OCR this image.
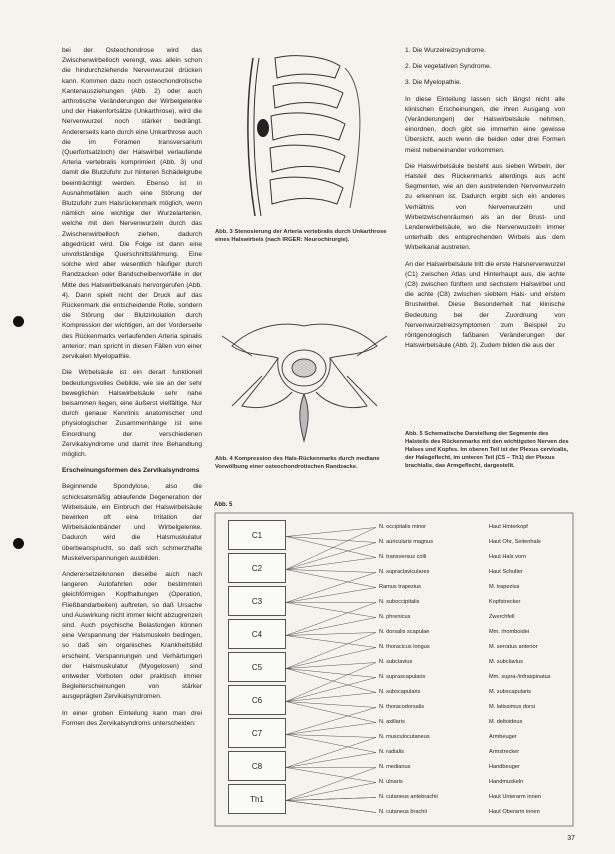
bei der Osteochondrose wird das Zwischenwirbelloch verengt, was allein schon die hindurchziehende Nervenwurzel drücken kann. Kommen dazu noch osteochondrotische Kantenausziehungen (Abb. 2) oder auch arthrotische Veränderungen der Wirbelgelenke und der Hakenfortsätze (Unkarthrose), wird die Nervenwurzel noch stärker bedrängt. Andererseits kann durch eine Unkarthrose auch die im Foramen transversarium (Querfortsatzloch) der Halswirbel verlaufende Arteria vertebralis komprimiert (Abb. 3) und damit die Blutzufuhr zur hinteren Schädelgrube beeinträchtigt werden. Ebenso ist in Ausnahmefällen auch eine Störung der Blutzufuhr zum Halsrückenmark möglich, wenn nämlich eine wichtige der Wurzelarterien, welche mit den Nervenwurzeln durch das Zwischenwirbelloch ziehen, dadurch abgedrückt wird. Die Folge ist dann eine unvollständige Querschnittslähmung. Eine solche wird aber wesentlich häufiger durch Randzacken oder Bandscheibenvorfälle in der Mitte des Halswirbelkanals hervorgerufen (Abb. 4). Dann spielt nicht der Druck auf das Rückenmark die entscheidende Rolle, sondern die Störung der Blutzirkulation durch Kompression der wichtigen, an der Vorderseite des Rückenmarks verlaufenden Arteria spinalis anterior; man spricht in diesen Fällen von einer zervikalen Myelopathie.

Die Wirbelsäule ist ein derart funktionell bedeutungsvolles Gebilde, wie sie an der sehr beweglichen Halswirbelsäule sehr nahe beisammen liegen, eine äußerst vielfältige. Nur durch genaue Kenntnis anatomischer und physiologischer Zusammenhänge ist eine Einordnung der verschiedenen Zervikalsyndrome und damit ihre Behandlung möglich.

Erscheinungsformen des Zervikalsyndroms

Beginnende Spondylose, also die schicksalsmäßig ablaufende Degeneration der Wirbelsäule, ein Einbruch der Halswirbelsäule bewirken oft eine Irritation der Wirbelsäulenbänder und Wirbelgelenke. Dadurch wird die Halsmuskulatur überbeansprucht, so daß sich schmerzhafte Muskelverspannungen ausbilden.

Anderersetzeiknonen dieselbe auch nach langeren Autofahrten oder bestimmten gleichförmigen Kopfhaltungen (Operation, Fließbandarbeiten) auftreten, so daß Ursache und Auswirkung nicht immer leicht abzugrenzen sind. Auch psychische Belastungen können eine Verspannung der Halsmuskeln bedingen, so daß ein organisches Krankheitsbild erscheint. Verspannungen und Verhärtungen der Halsmuskulatur (Myogelosen) sind entweder Vorboten oder praktisch immer Begleiterscheinungen von stärker ausgeprägten Zervikalsyndromen.

In einer groben Einteilung kann man drei Formen des Zervikalsyndroms unterscheiden:

Abb. 3 Stenosierung der Arteria vertebralis durch Unkarthrose eines Halswirbels (nach IRGER: Neurochirurgie).
Abb. 4 Kompression des Hals-Rückenmarks durch mediane Vorwölbung einer osteochondrotischen Randzacke.

1. Die Wurzelreizsyndrome.

2. Die vegetativen Syndrome.

3. Die Myelopathie.

In diese Einteilung lassen sich längst nicht alle klinischen Erscheinungen, die ihren Ausgang von (Veränderungen) der Halswirbelsäule nehmen, einordnen, doch gibt sie immerhin eine gewisse Übersicht, auch wenn die beiden oder drei Formen meist nebeneinander vorkommen.

Die Halswirbelsäule besteht aus sieben Wirbeln, der Halsteil des Rückenmarks allerdings aus acht Segmenten, wie an den austretenden Nervenwurzeln zu erkennen ist. Dadurch ergibt sich ein anderes Verhältnis von Nervenwurzeln und Wirbelzwischenräumen als an der Brust- und Lendenwirbelsäule, wo die Nervenwurzeln immer unterhalb des entsprechenden Wirbels aus dem Wirbelkanal austreten.

An der Halswirbelsäule tritt die erste Halsnervenwurzel (C1) zwischen Atlas und Hinterhaupt aus, die achte (C8) zwischen fünftem und sechstem Halswirbel und die achte (C8) zwischen siebtem Hals- und erstem Brustwirbel. Diese Besonderheit hat klinische Bedeutung bei der Zuordnung von Nervenwurzelreizsymptomen zum Beispiel zu röntgenologisch faßbaren Veränderungen der Halswirbelsäule (Abb. 2). Zudem bilden die aus der

Abb. 5 Schematische Darstellung der Segmente des Halsteils des Rückenmarks mit den wichtigsten Nerven des Halses und Kopfes. Im oberen Teil ist der Plexus cervicalis, der Halsgeflecht, im unteren Teil (C5 – Th1) der Plexus brachialis, das Armgeflecht, dargestellt.
Abb. 5
C1
C2
C3
C4
C5
C6
C7
C8
Th1
N. occipitalis minor
N. auricularis magnus
N. transversus colli
N. supraclaviculares
Ramus trapezius
N. suboccipitalis
N. phrenicus
N. dorsalis scapulae
N. thoracicus longus
N. subclavius
N. suprascapularis
N. subscapularis
N. thoracodorsalis
N. axillaris
N. musculocutaneus
N. radialis
N. medianus
N. ulnaris
N. cutaneus antebrachii
N. cutaneus brachii
Haut Hinterkopf
Haut Ohr, Seitenhals
Haut Hals vorn
Haut Schulter
M. trapezius
Kopfstrecker
Zwerchfell
Mm. rhomboidei
M. serratus anterior
M. subclavius
Mm. supra-/infraspinatus
M. subscapularis
M. latissimus dorsi
M. deltoideus
Armbeuger
Armstrecker
Handbeuger
Handmuskeln
Haut Unterarm innen
Haut Oberarm innen
37
